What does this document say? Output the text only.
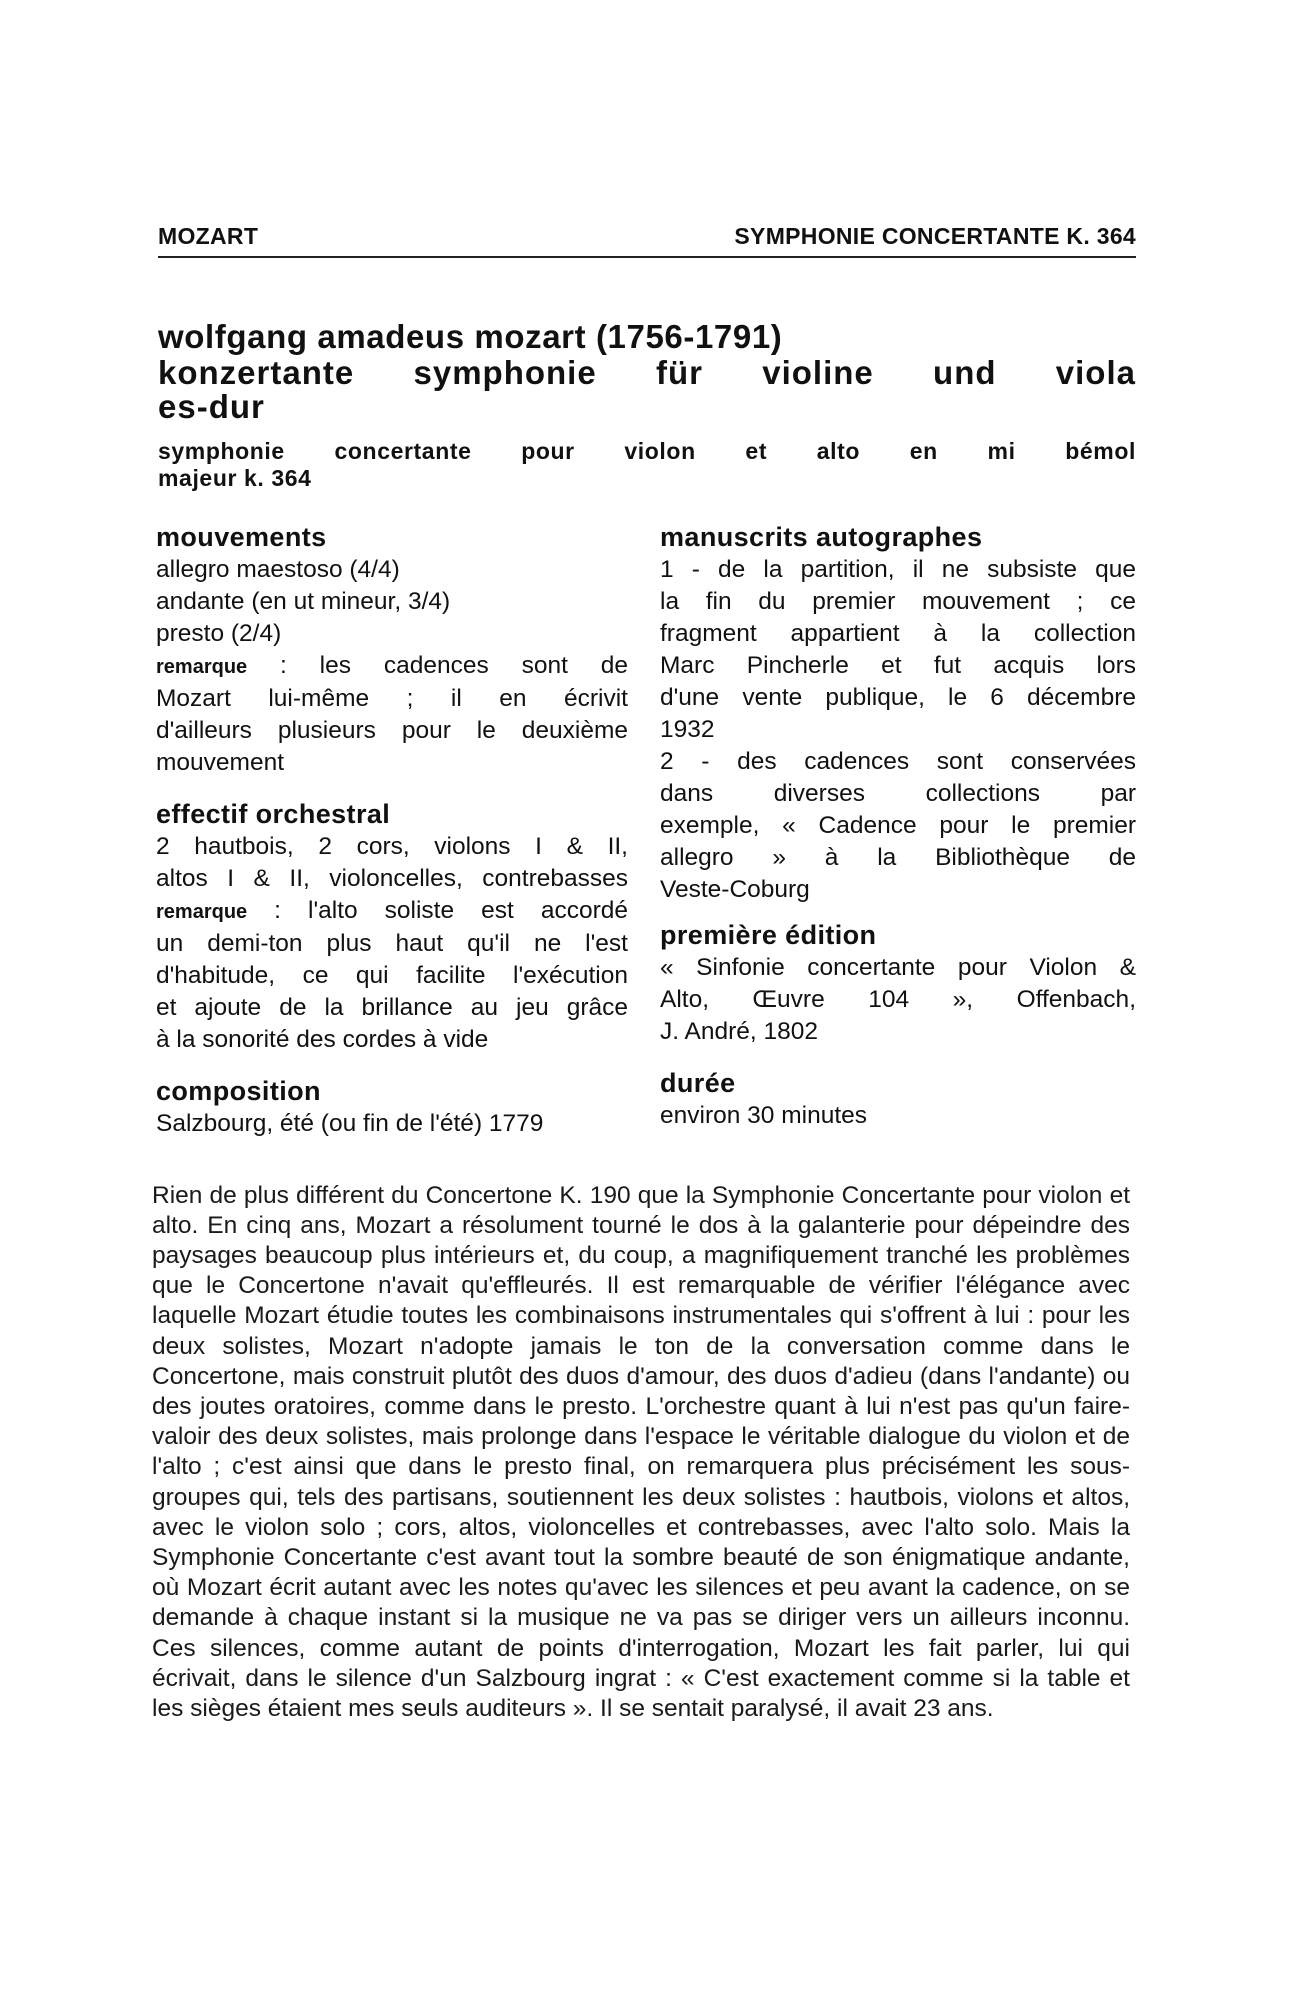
MOZART	SYMPHONIE CONCERTANTE K. 364

wolfgang amadeus mozart (1756-1791)

konzertante symphonie für violine und viola

es-dur

symphonie concertante pour violon et alto en mi bémol

majeur k. 364

mouvements

allegro maestoso (4/4)

andante (en ut mineur, 3/4)

presto (2/4)

remarque : les cadences sont de

Mozart lui-même ; il en écrivit

d'ailleurs plusieurs pour le deuxième

mouvement

effectif orchestral

2 hautbois, 2 cors, violons I & II,

altos I & II, violoncelles, contrebasses

remarque : l'alto soliste est accordé

un demi-ton plus haut qu'il ne l'est

d'habitude, ce qui facilite l'exécution

et ajoute de la brillance au jeu grâce

à la sonorité des cordes à vide

composition

Salzbourg, été (ou fin de l'été) 1779

manuscrits autographes

1 - de la partition, il ne subsiste que

la fin du premier mouvement ; ce

fragment appartient à la collection

Marc Pincherle et fut acquis lors

d'une vente publique, le 6 décembre

1932

2 - des cadences sont conservées

dans diverses collections par

exemple, « Cadence pour le premier

allegro » à la Bibliothèque de

Veste-Coburg

première édition

« Sinfonie concertante pour Violon &

Alto, Œuvre 104 », Offenbach,

J. André, 1802

durée

environ 30 minutes

Rien de plus différent du Concertone K. 190 que la Symphonie Concertante pour violon et alto. En cinq ans, Mozart a résolument tourné le dos à la galanterie pour dépeindre des paysages beaucoup plus intérieurs et, du coup, a magnifiquement tranché les problèmes que le Concertone n'avait qu'effleurés. Il est remarquable de vérifier l'élégance avec laquelle Mozart étudie toutes les combinaisons instrumentales qui s'offrent à lui : pour les deux solistes, Mozart n'adopte jamais le ton de la conversation comme dans le Concertone, mais construit plutôt des duos d'amour, des duos d'adieu (dans l'andante) ou des joutes oratoires, comme dans le presto. L'orchestre quant à lui n'est pas qu'un faire-valoir des deux solistes, mais prolonge dans l'espace le véritable dialogue du violon et de l'alto ; c'est ainsi que dans le presto final, on remarquera plus précisément les sous-groupes qui, tels des partisans, soutiennent les deux solistes : hautbois, violons et altos, avec le violon solo ; cors, altos, violoncelles et contrebasses, avec l'alto solo. Mais la Symphonie Concertante c'est avant tout la sombre beauté de son énigmatique andante, où Mozart écrit autant avec les notes qu'avec les silences et peu avant la cadence, on se demande à chaque instant si la musique ne va pas se diriger vers un ailleurs inconnu. Ces silences, comme autant de points d'interrogation, Mozart les fait parler, lui qui écrivait, dans le silence d'un Salzbourg ingrat : « C'est exactement comme si la table et les sièges étaient mes seuls auditeurs ». Il se sentait paralysé, il avait 23 ans.
